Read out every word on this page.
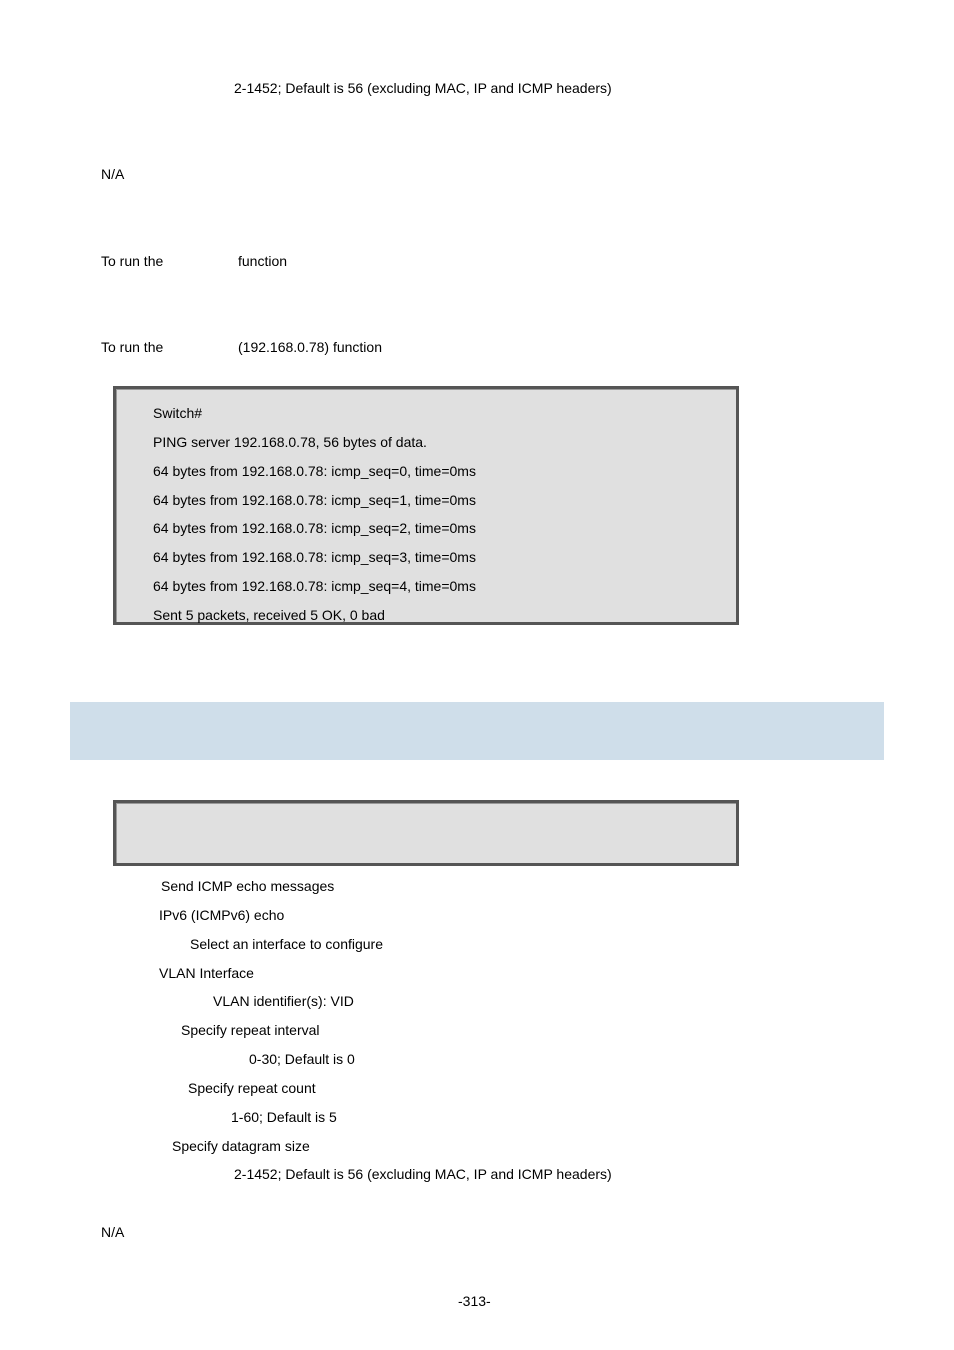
2-1452; Default is 56 (excluding MAC, IP and ICMP headers)
N/A
To run the	function
To run the	(192.168.0.78) function
Switch#
PING server 192.168.0.78, 56 bytes of data.
64 bytes from 192.168.0.78: icmp_seq=0, time=0ms
64 bytes from 192.168.0.78: icmp_seq=1, time=0ms
64 bytes from 192.168.0.78: icmp_seq=2, time=0ms
64 bytes from 192.168.0.78: icmp_seq=3, time=0ms
64 bytes from 192.168.0.78: icmp_seq=4, time=0ms
Sent 5 packets, received 5 OK, 0 bad
Send ICMP echo messages
IPv6 (ICMPv6) echo
Select an interface to configure
VLAN Interface
VLAN identifier(s): VID
Specify repeat interval
0-30; Default is 0
Specify repeat count
1-60; Default is 5
Specify datagram size
2-1452; Default is 56 (excluding MAC, IP and ICMP headers)
N/A
-313-
